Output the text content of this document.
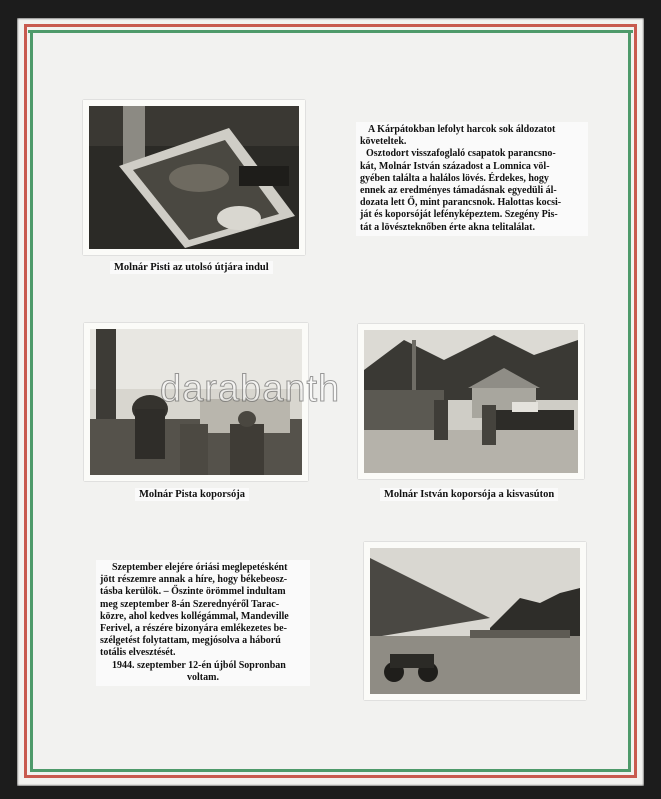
Molnár Pisti az utolsó útjára indul
A Kárpátokban lefolyt harcok sok áldozatot
követeltek.
Osztodort visszafoglaló csapatok parancsno-
kát, Molnár István századost a Lomnica völ-
gyében találta a halálos lövés. Érdekes, hogy
ennek az eredményes támadásnak egyedüli ál-
dozata lett Ő, mint parancsnok. Halottas kocsi-
ját és koporsóját lefényképeztem. Szegény Pis-
tát a lövészteknőben érte akna telitalálat.
Molnár Pista koporsója	Molnár István koporsója a kisvasúton
Szeptember elejére óriási meglepetésként
jött részemre annak a híre, hogy békebeosz-
tásba kerülök. – Őszinte örömmel indultam
meg szeptember 8-án Szerednyéről Tarac-
közre, ahol kedves kollégámmal, Mandeville
Ferivel, a részére bizonyára emlékezetes be-
szélgetést folytattam, megjósolva a háború
totális elvesztését.
1944. szeptember 12-én újból Sopronban
voltam.
darabanth
